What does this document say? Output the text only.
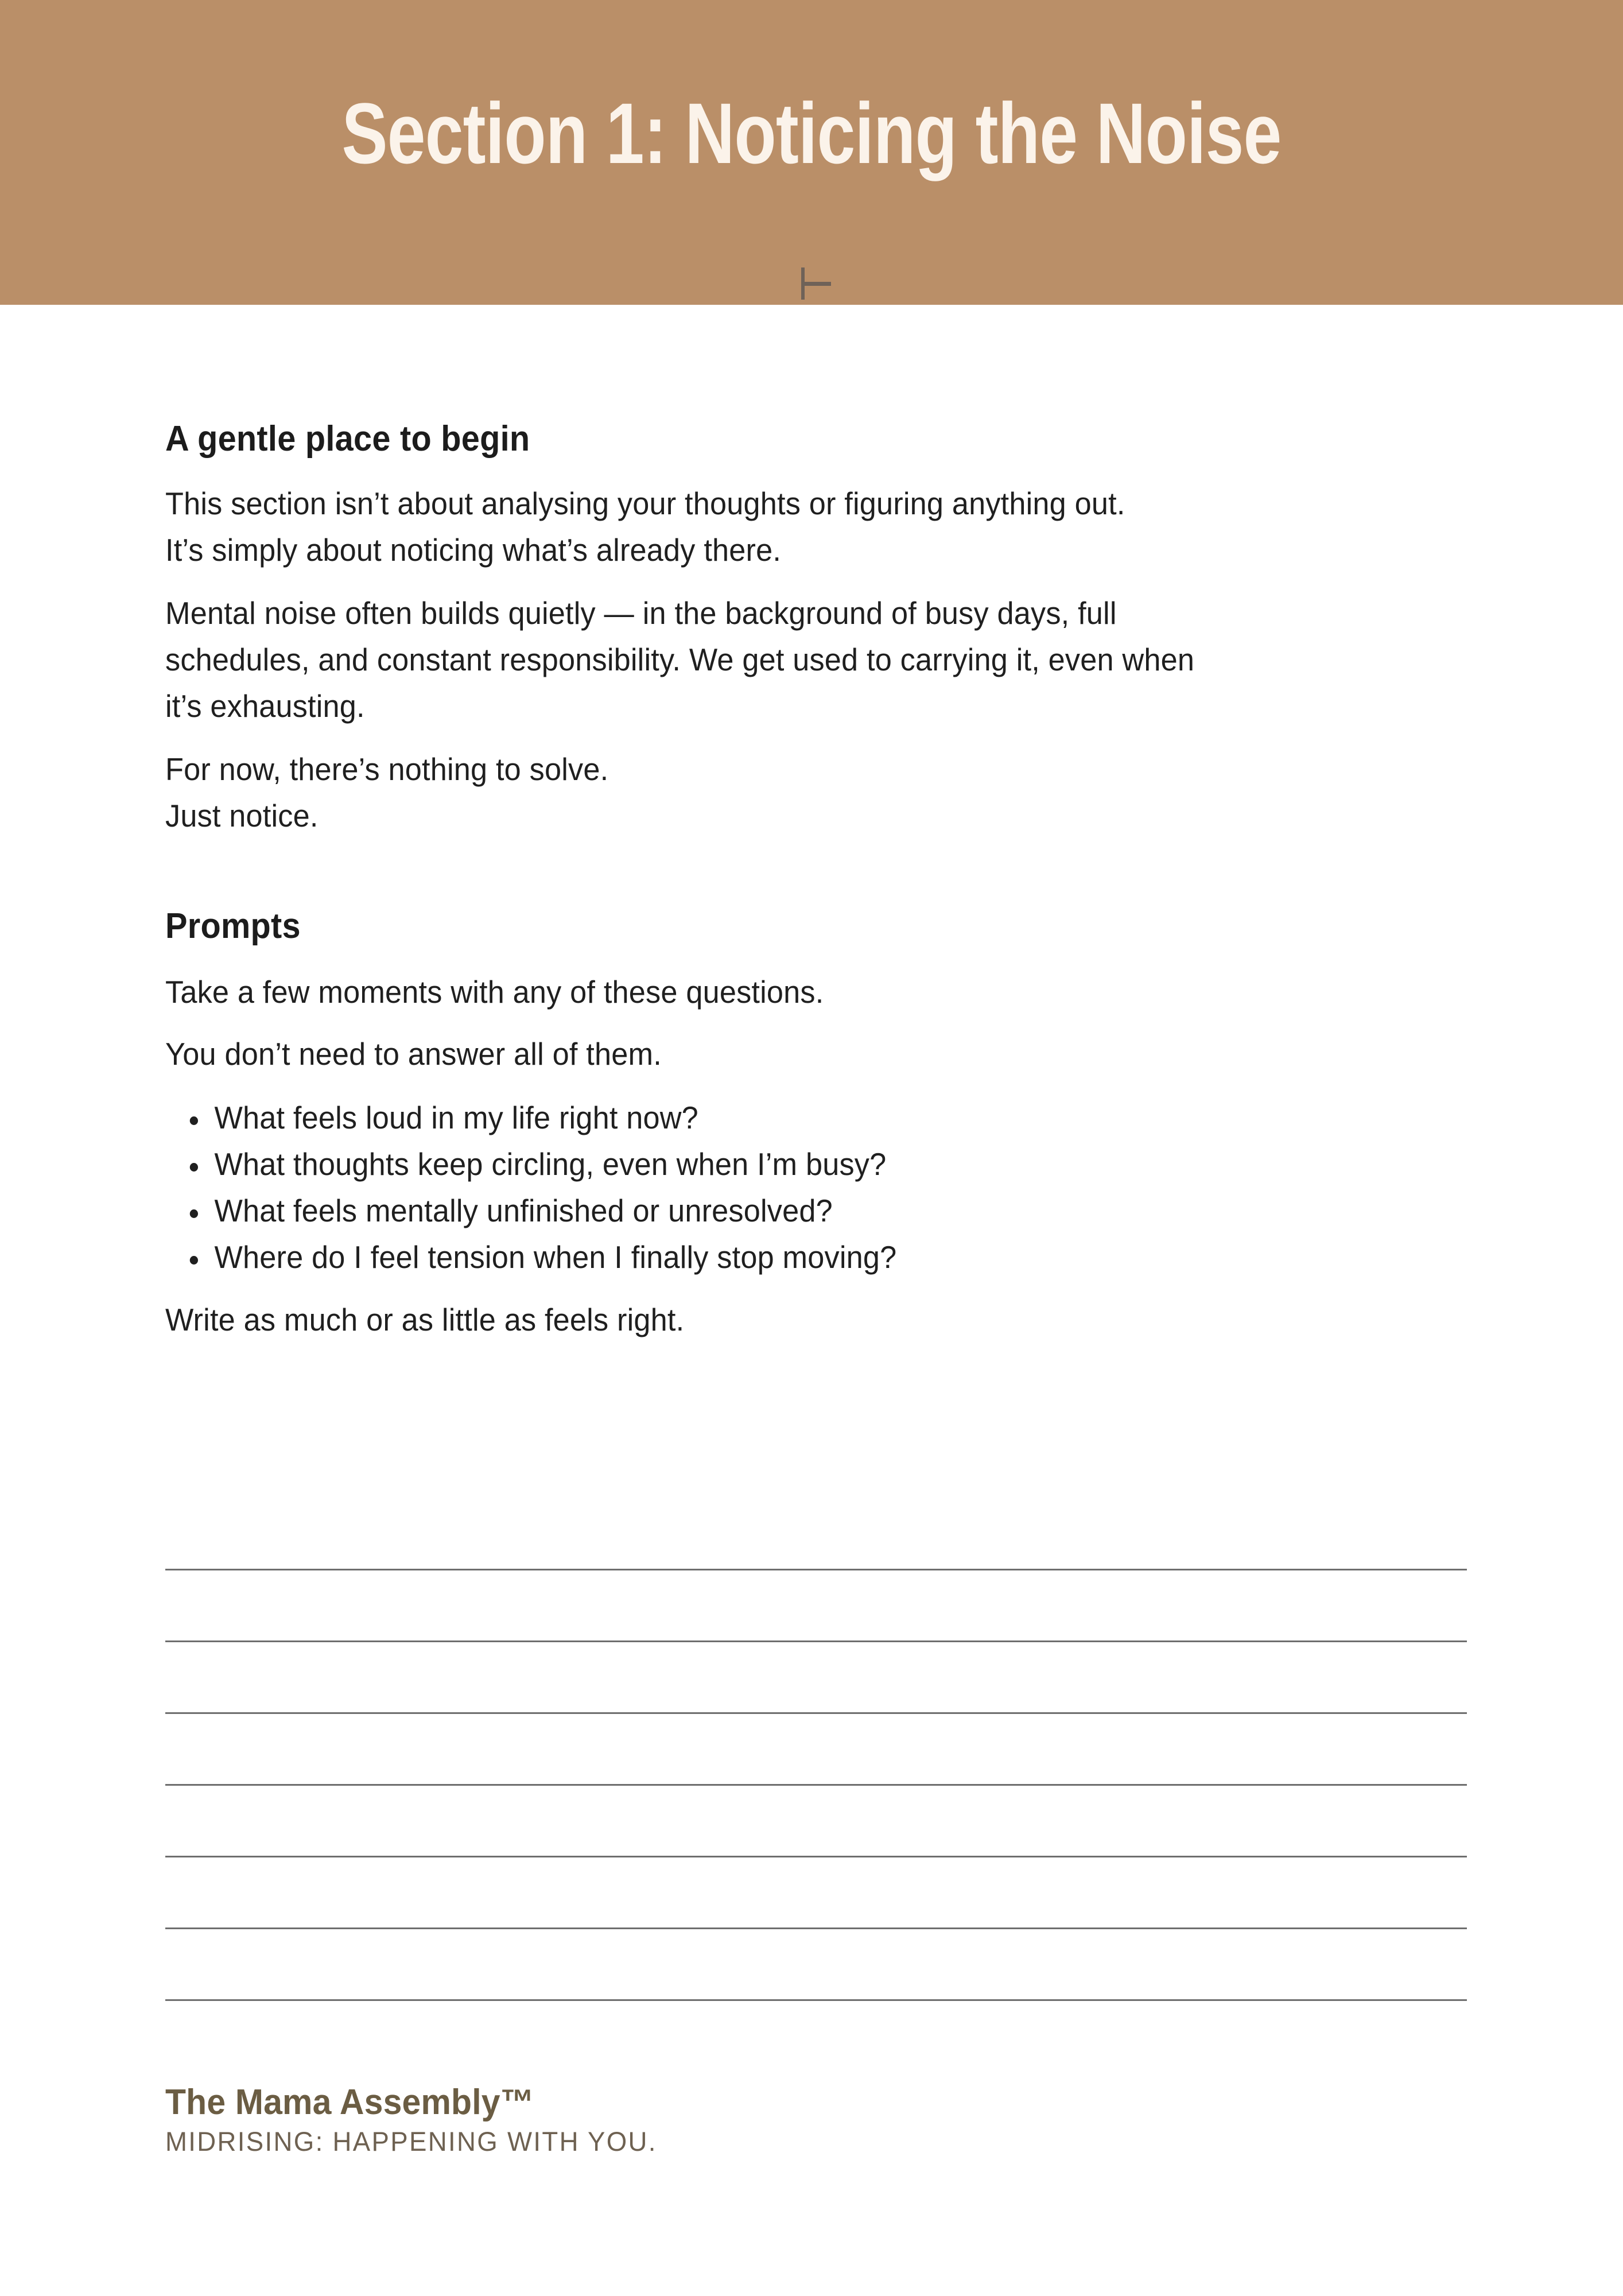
Section 1: Noticing the Noise
A gentle place to begin
This section isn’t about analysing your thoughts or figuring anything out.
It’s simply about noticing what’s already there.
Mental noise often builds quietly — in the background of busy days, full
schedules, and constant responsibility. We get used to carrying it, even when
it’s exhausting.
For now, there’s nothing to solve.
Just notice.
Prompts
Take a few moments with any of these questions.
You don’t need to answer all of them.
What feels loud in my life right now?
What thoughts keep circling, even when I’m busy?
What feels mentally unfinished or unresolved?
Where do I feel tension when I finally stop moving?
Write as much or as little as feels right.
The Mama Assembly™
MIDRISING: HAPPENING WITH YOU.
